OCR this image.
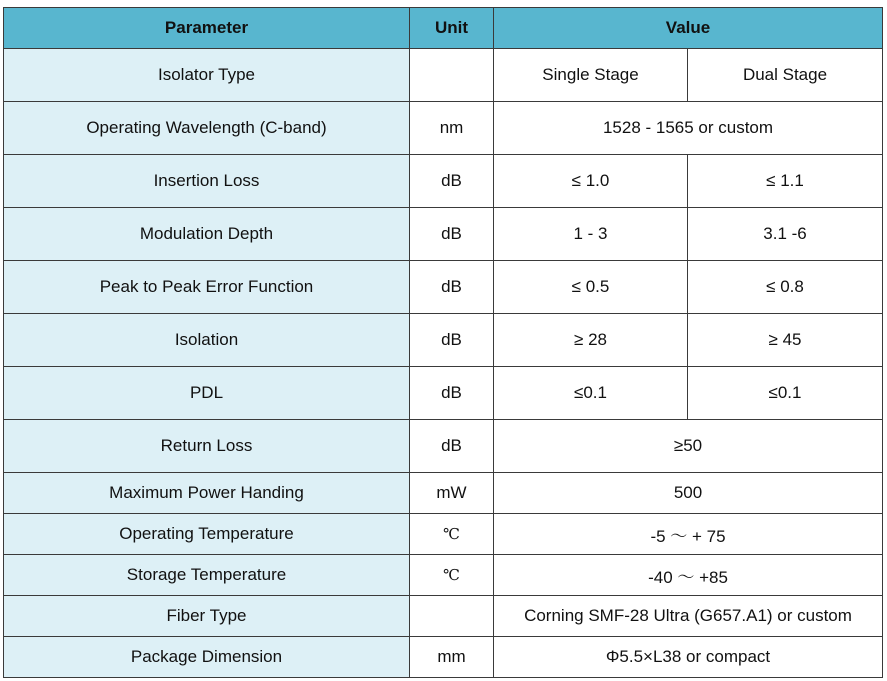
Parameter	Unit	Value	
Isolator Type		Single Stage	Dual Stage
Operating Wavelength (C-band)	nm	1528 - 1565 or custom	
Insertion Loss	dB	≤ 1.0	≤ 1.1
Modulation Depth	dB	1 - 3	3.1 -6
Peak to Peak Error Function	dB	≤ 0.5	≤ 0.8
Isolation	dB	≥ 28	≥ 45
PDL	dB	≤0.1	≤0.1
Return Loss	dB	≥50	
Maximum Power Handing	mW	500	
Operating Temperature	℃	-5 ～ + 75	
Storage Temperature	℃	-40 ～ +85	
Fiber Type		Corning SMF-28 Ultra (G657.A1) or custom	
Package Dimension	mm	Φ5.5×L38 or compact	
